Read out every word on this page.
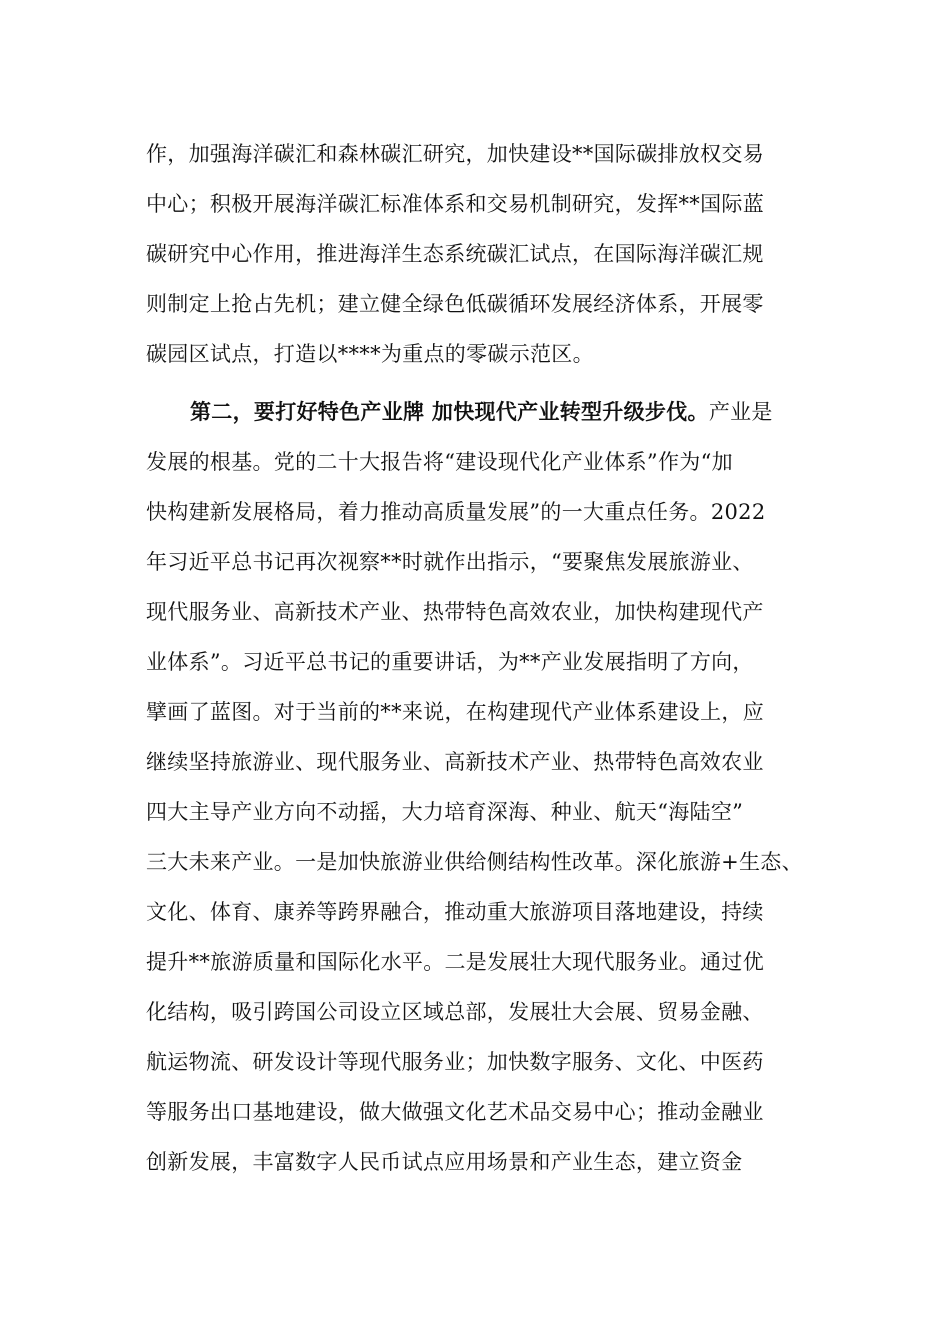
作，加强海洋碳汇和森林碳汇研究，加快建设**国际碳排放权交易
中心；积极开展海洋碳汇标准体系和交易机制研究，发挥**国际蓝
碳研究中心作用，推进海洋生态系统碳汇试点，在国际海洋碳汇规
则制定上抢占先机；建立健全绿色低碳循环发展经济体系，开展零
碳园区试点，打造以****为重点的零碳示范区。
第二，要打好特色产业牌 加快现代产业转型升级步伐。产业是
发展的根基。党的二十大报告将“建设现代化产业体系”作为“加
快构建新发展格局，着力推动高质量发展”的一大重点任务。2022
年习近平总书记再次视察**时就作出指示，“要聚焦发展旅游业、
现代服务业、高新技术产业、热带特色高效农业，加快构建现代产
业体系”。习近平总书记的重要讲话，为**产业发展指明了方向，
擘画了蓝图。对于当前的**来说，在构建现代产业体系建设上，应
继续坚持旅游业、现代服务业、高新技术产业、热带特色高效农业
四大主导产业方向不动摇，大力培育深海、种业、航天“海陆空”
三大未来产业。一是加快旅游业供给侧结构性改革。深化旅游+生态、
文化、体育、康养等跨界融合，推动重大旅游项目落地建设，持续
提升**旅游质量和国际化水平。二是发展壮大现代服务业。通过优
化结构，吸引跨国公司设立区域总部，发展壮大会展、贸易金融、
航运物流、研发设计等现代服务业；加快数字服务、文化、中医药
等服务出口基地建设，做大做强文化艺术品交易中心；推动金融业
创新发展，丰富数字人民币试点应用场景和产业生态，建立资金
